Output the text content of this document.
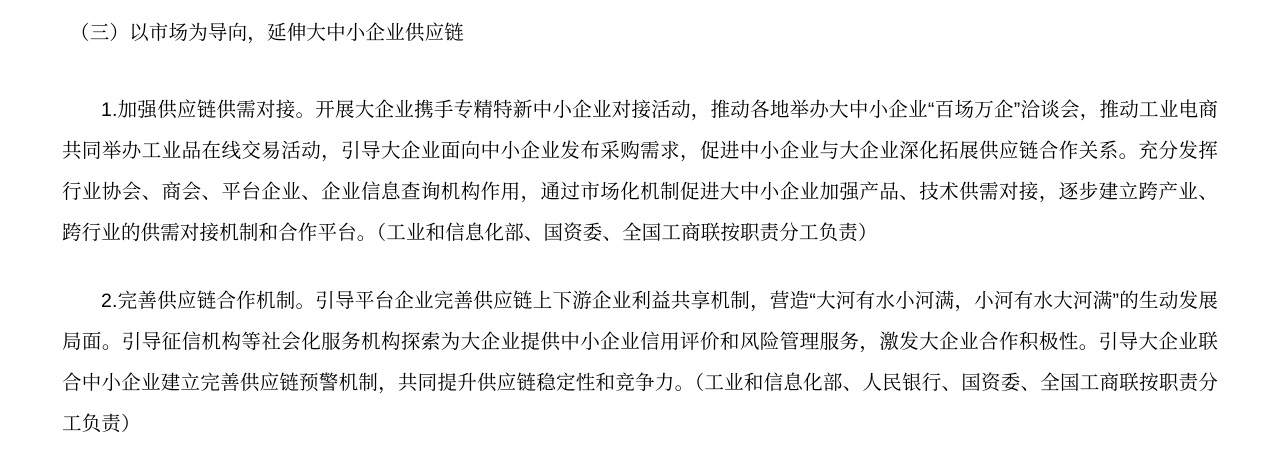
（三）以市场为导向，延伸大中小企业供应链

1.加强供应链供需对接。开展大企业携手专精特新中小企业对接活动，推动各地举办大中小企业“百场万企”洽谈会，推动工业电商共同举办工业品在线交易活动，引导大企业面向中小企业发布采购需求，促进中小企业与大企业深化拓展供应链合作关系。充分发挥行业协会、商会、平台企业、企业信息查询机构作用，通过市场化机制促进大中小企业加强产品、技术供需对接，逐步建立跨产业、跨行业的供需对接机制和合作平台。（工业和信息化部、国资委、全国工商联按职责分工负责）

2.完善供应链合作机制。引导平台企业完善供应链上下游企业利益共享机制，营造“大河有水小河满，小河有水大河满”的生动发展局面。引导征信机构等社会化服务机构探索为大企业提供中小企业信用评价和风险管理服务，激发大企业合作积极性。引导大企业联合中小企业建立完善供应链预警机制，共同提升供应链稳定性和竞争力。（工业和信息化部、人民银行、国资委、全国工商联按职责分工负责）
